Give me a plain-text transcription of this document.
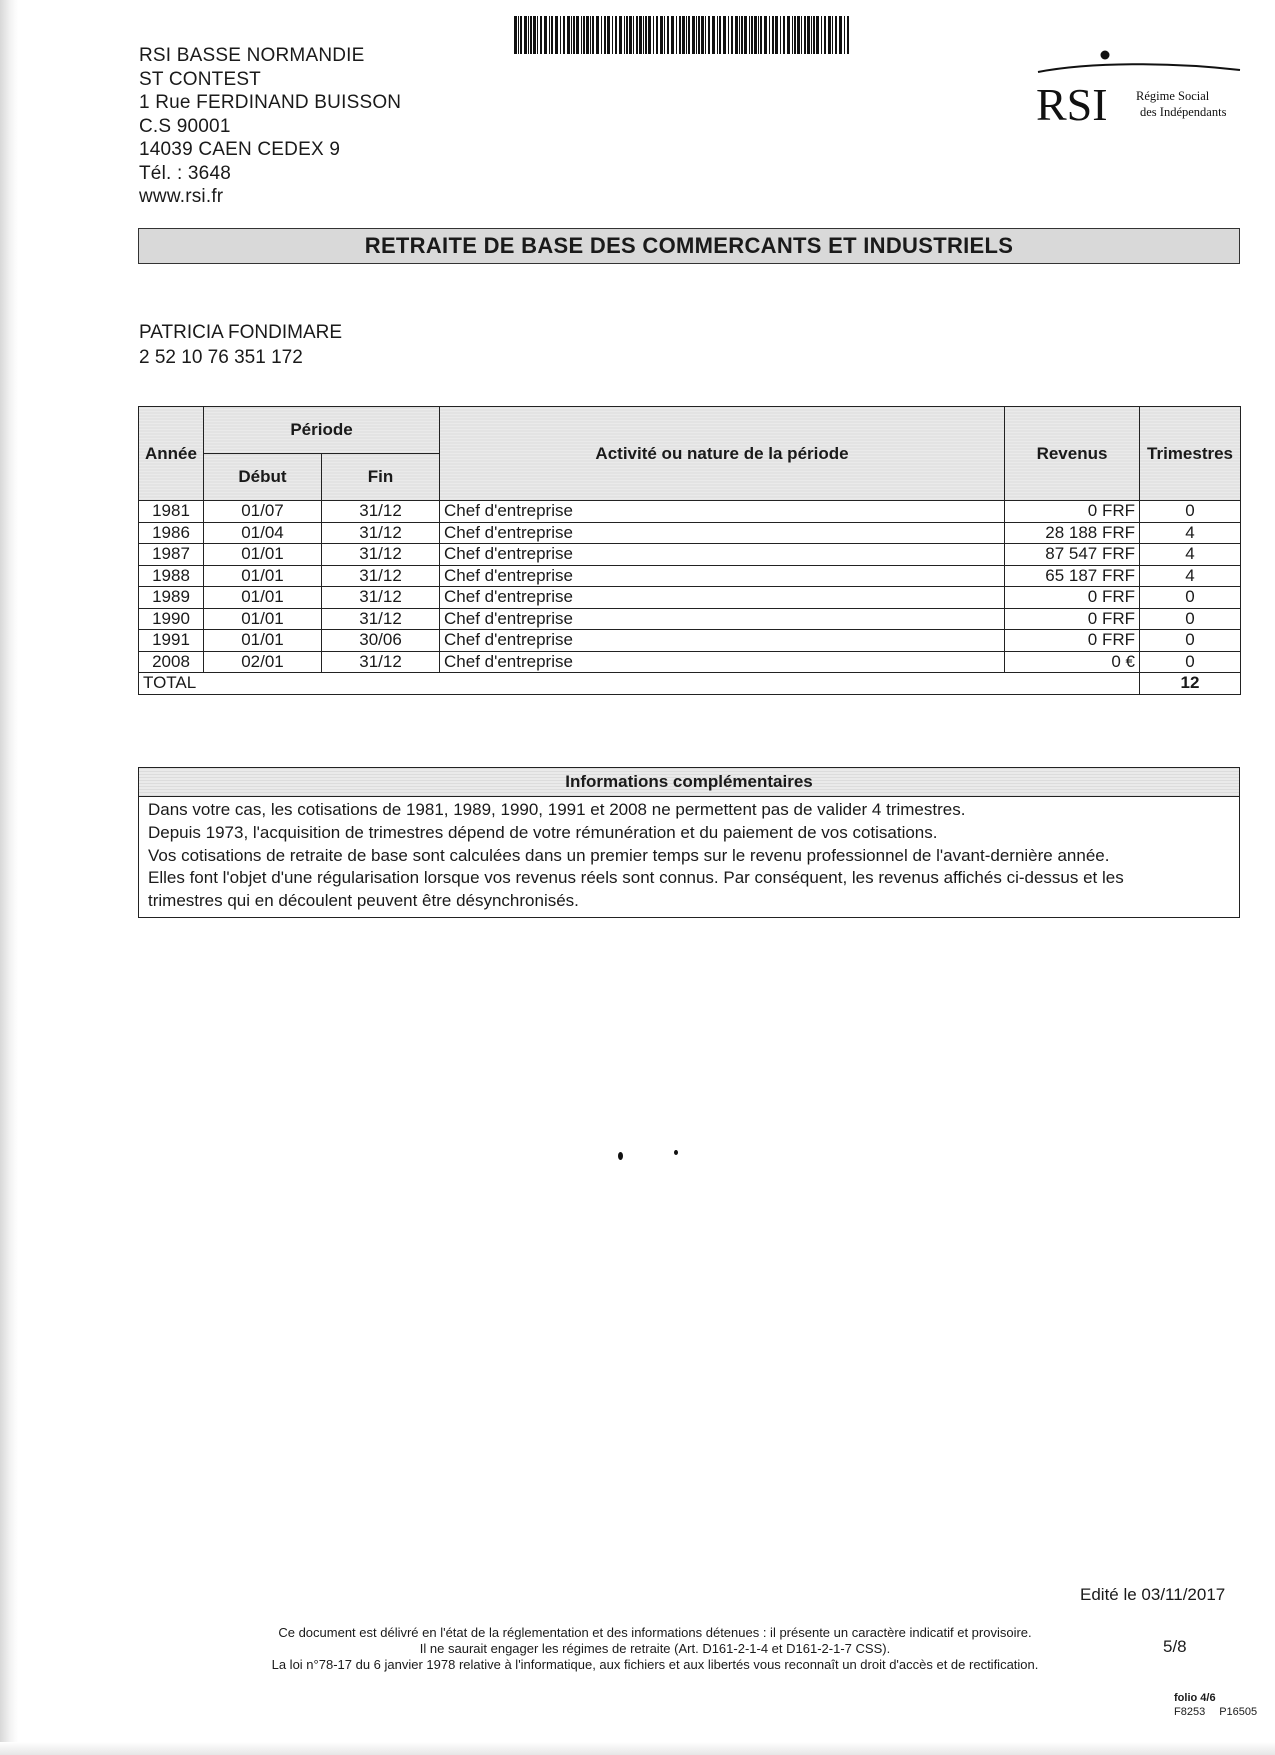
RSI BASSE NORMANDIE
ST CONTEST
1 Rue FERDINAND BUISSON
C.S 90001
14039 CAEN CEDEX 9
Tél. : 3648
www.rsi.fr
RSI Régime Social
des Indépendants
RETRAITE DE BASE DES COMMERCANTS ET INDUSTRIELS
PATRICIA FONDIMARE
2 52 10 76 351 172
Année	Période		Activité ou nature de la période	Revenus	Trimestres
	Début	Fin			
1981	01/07	31/12	Chef d'entreprise	0 FRF	0
1986	01/04	31/12	Chef d'entreprise	28 188 FRF	4
1987	01/01	31/12	Chef d'entreprise	87 547 FRF	4
1988	01/01	31/12	Chef d'entreprise	65 187 FRF	4
1989	01/01	31/12	Chef d'entreprise	0 FRF	0
1990	01/01	31/12	Chef d'entreprise	0 FRF	0
1991	01/01	30/06	Chef d'entreprise	0 FRF	0
2008	02/01	31/12	Chef d'entreprise	0 €	0
TOTAL					12
Informations complémentaires
Dans votre cas, les cotisations de 1981, 1989, 1990, 1991 et 2008 ne permettent pas de valider 4 trimestres.
Depuis 1973, l'acquisition de trimestres dépend de votre rémunération et du paiement de vos cotisations.
Vos cotisations de retraite de base sont calculées dans un premier temps sur le revenu professionnel de l'avant-dernière année.
Elles font l'objet d'une régularisation lorsque vos revenus réels sont connus. Par conséquent, les revenus affichés ci-dessus et les
trimestres qui en découlent peuvent être désynchronisés.
Edité le 03/11/2017
Ce document est délivré en l'état de la réglementation et des informations détenues : il présente un caractère indicatif et provisoire.
Il ne saurait engager les régimes de retraite (Art. D161-2-1-4 et D161-2-1-7 CSS).
La loi n°78-17 du 6 janvier 1978 relative à l'informatique, aux fichiers et aux libertés vous reconnaît un droit d'accès et de rectification.
5/8
folio 4/6
F8253 P16505
